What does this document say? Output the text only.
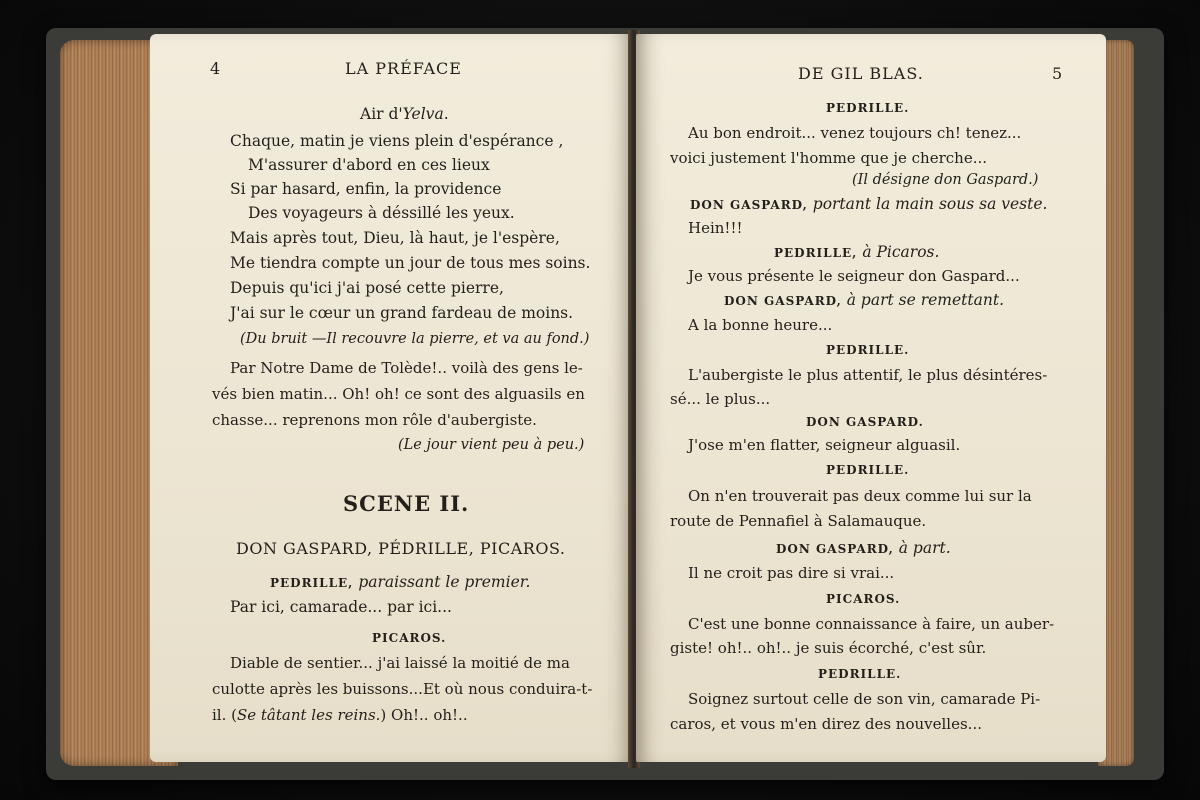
4	LA PRÉFACE
Air d'Yelva.
Chaque, matin je viens plein d'espérance ,
M'assurer d'abord en ces lieux
Si par hasard, enfin, la providence
Des voyageurs à déssillé les yeux.
Mais après tout, Dieu, là haut, je l'espère,
Me tiendra compte un jour de tous mes soins.
Depuis qu'ici j'ai posé cette pierre,
J'ai sur le cœur un grand fardeau de moins.
(Du bruit —Il recouvre la pierre, et va au fond.)
Par Notre Dame de Tolède!.. voilà des gens le-
vés bien matin... Oh! oh! ce sont des alguasils en
chasse... reprenons mon rôle d'aubergiste.
(Le jour vient peu à peu.)
SCENE II.
DON GASPARD, PÉDRILLE, PICAROS.
PEDRILLE, paraissant le premier.
Par ici, camarade... par ici...
PICAROS.
Diable de sentier... j'ai laissé la moitié de ma
culotte après les buissons...Et où nous conduira-t-
il. (Se tâtant les reins.) Oh!.. oh!..
DE GIL BLAS.	5
PEDRILLE.
Au bon endroit... venez toujours ch! tenez...
voici justement l'homme que je cherche...
(Il désigne don Gaspard.)
DON GASPARD, portant la main sous sa veste.
Hein!!!
PEDRILLE, à Picaros.
Je vous présente le seigneur don Gaspard...
DON GASPARD, à part se remettant.
A la bonne heure...
PEDRILLE.
L'aubergiste le plus attentif, le plus désintéres-
sé... le plus...
DON GASPARD.
J'ose m'en flatter, seigneur alguasil.
PEDRILLE.
On n'en trouverait pas deux comme lui sur la
route de Pennafiel à Salamauque.
DON GASPARD, à part.
Il ne croit pas dire si vrai...
PICAROS.
C'est une bonne connaissance à faire, un auber-
giste! oh!.. oh!.. je suis écorché, c'est sûr.
PEDRILLE.
Soignez surtout celle de son vin, camarade Pi-
caros, et vous m'en direz des nouvelles...
